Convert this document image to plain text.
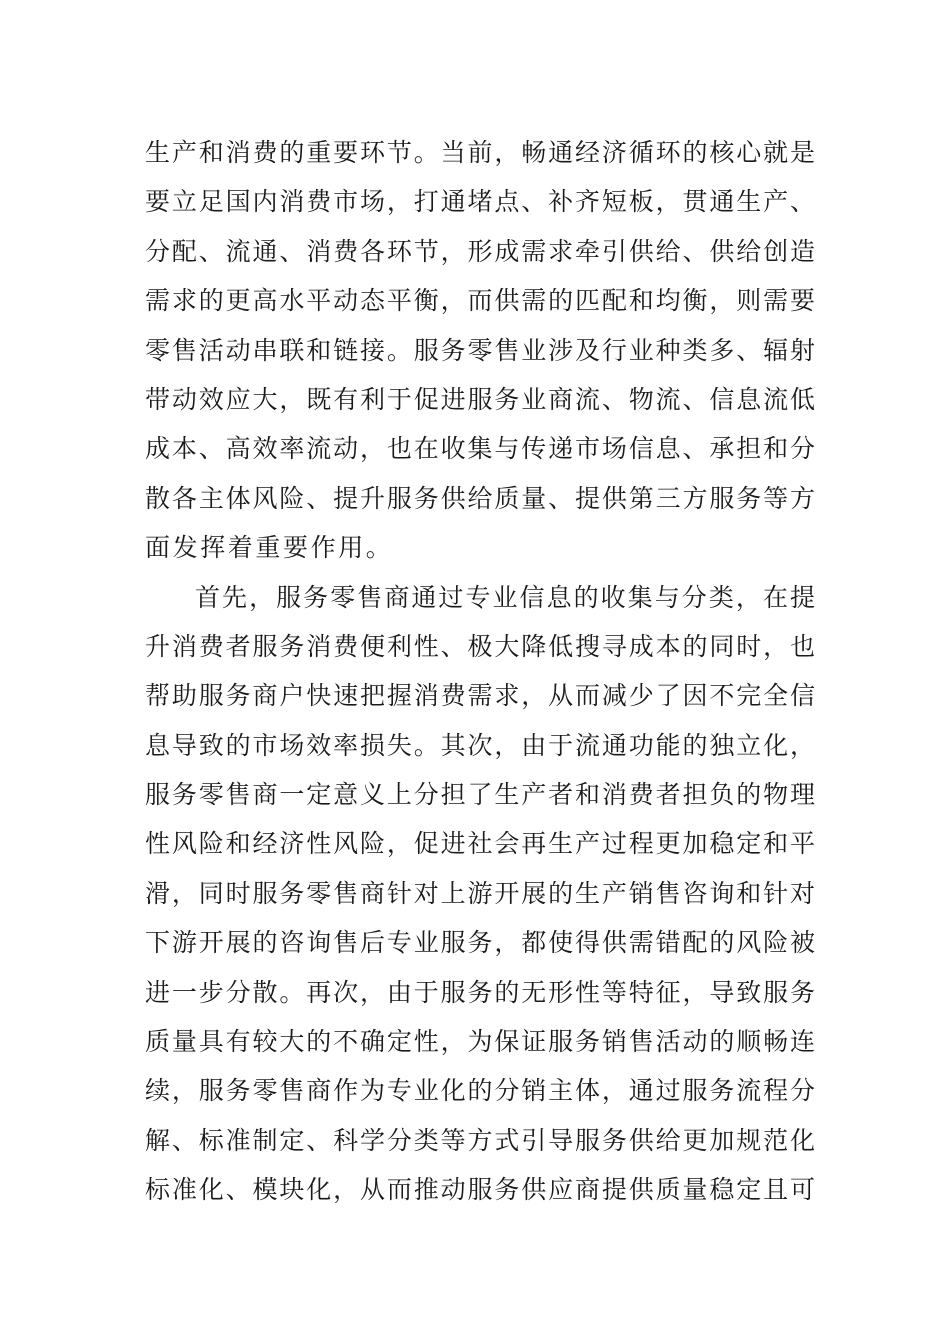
生产和消费的重要环节。当前，畅通经济循环的核心就是
要立足国内消费市场，打通堵点、补齐短板，贯通生产、
分配、流通、消费各环节，形成需求牵引供给、供给创造
需求的更高水平动态平衡，而供需的匹配和均衡，则需要
零售活动串联和链接。服务零售业涉及行业种类多、辐射
带动效应大，既有利于促进服务业商流、物流、信息流低
成本、高效率流动，也在收集与传递市场信息、承担和分
散各主体风险、提升服务供给质量、提供第三方服务等方
面发挥着重要作用。
首先，服务零售商通过专业信息的收集与分类，在提
升消费者服务消费便利性、极大降低搜寻成本的同时，也
帮助服务商户快速把握消费需求，从而减少了因不完全信
息导致的市场效率损失。其次，由于流通功能的独立化，
服务零售商一定意义上分担了生产者和消费者担负的物理
性风险和经济性风险，促进社会再生产过程更加稳定和平
滑，同时服务零售商针对上游开展的生产销售咨询和针对
下游开展的咨询售后专业服务，都使得供需错配的风险被
进一步分散。再次，由于服务的无形性等特征，导致服务
质量具有较大的不确定性，为保证服务销售活动的顺畅连
续，服务零售商作为专业化的分销主体，通过服务流程分
解、标准制定、科学分类等方式引导服务供给更加规范化
标准化、模块化，从而推动服务供应商提供质量稳定且可
